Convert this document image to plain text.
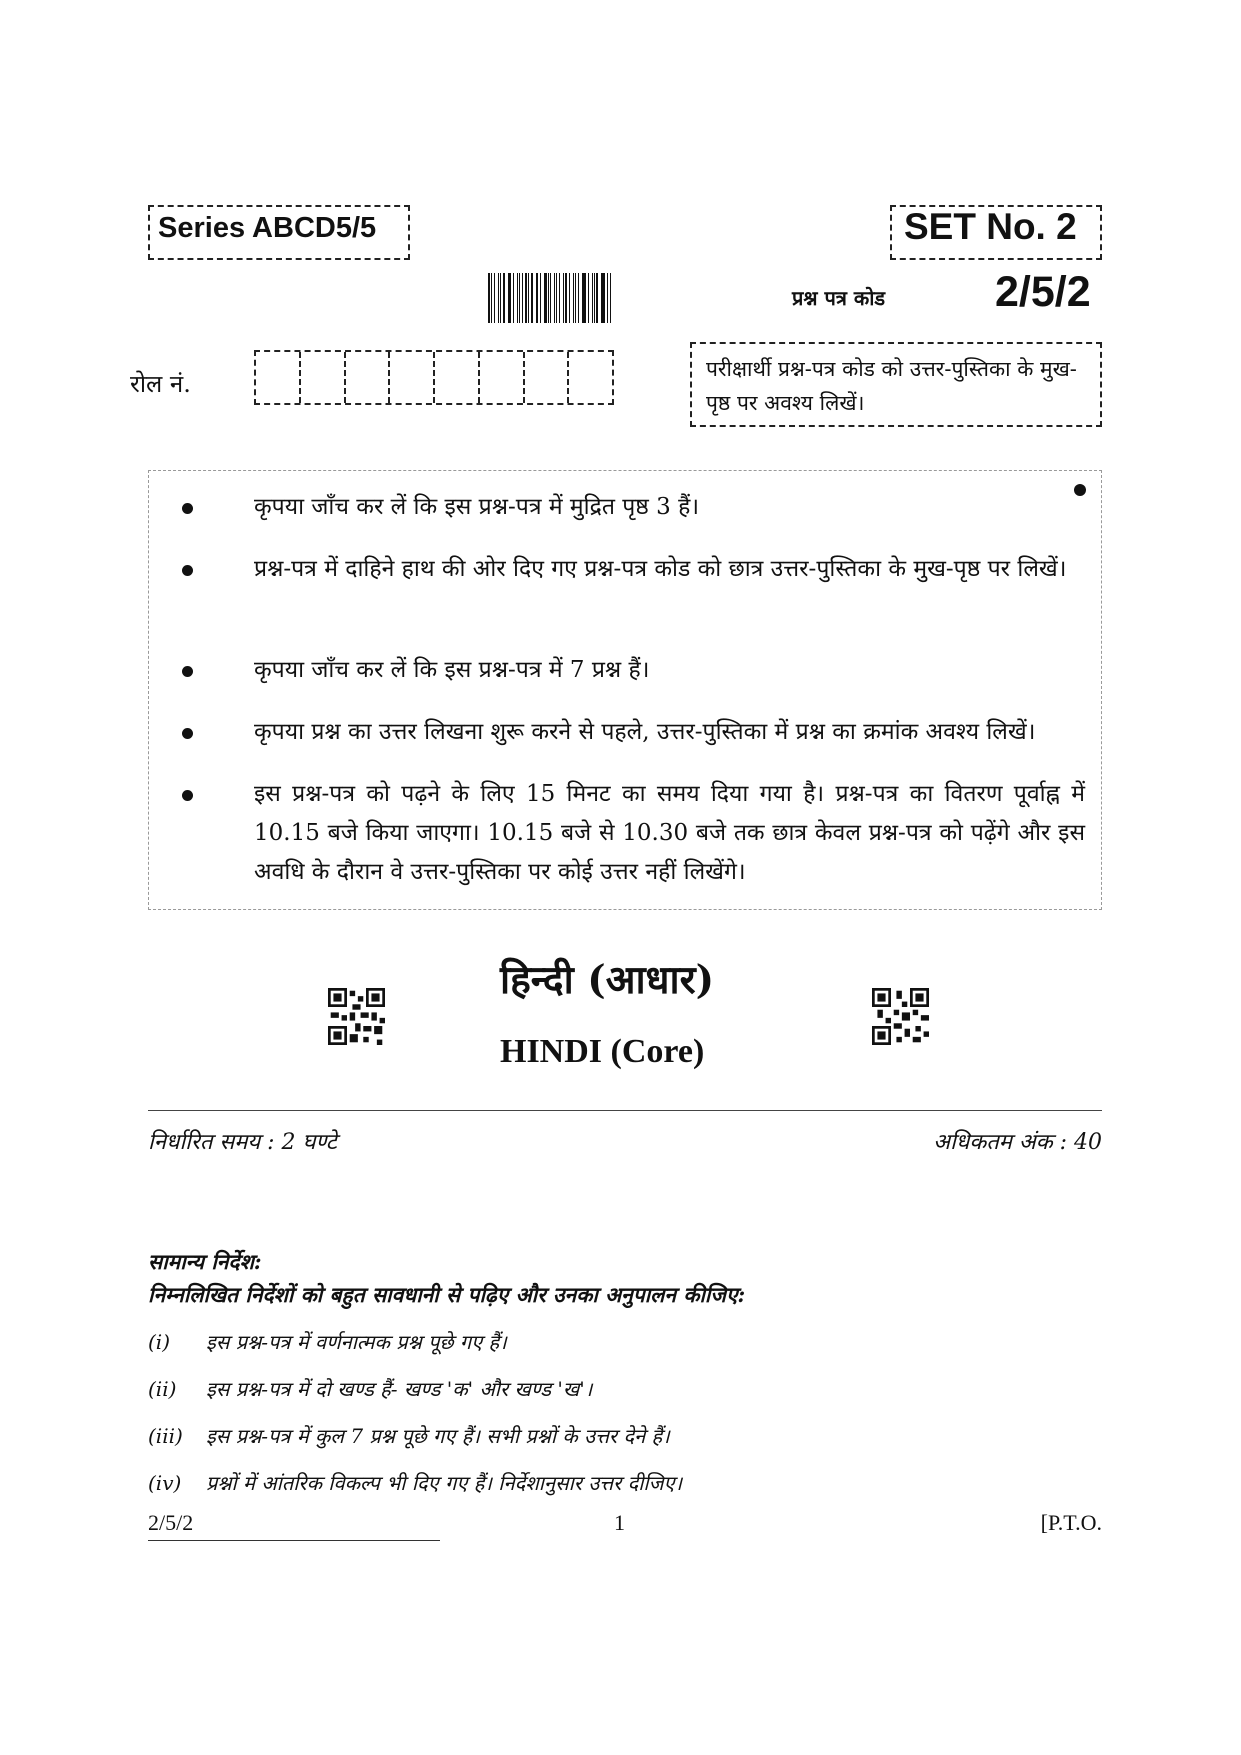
Series ABCD5/5	SET No. 2
प्रश्न पत्र कोड	2/5/2
रोल नं.
परीक्षार्थी प्रश्न-पत्र कोड को उत्तर-पुस्तिका के मुख-पृष्ठ पर अवश्य लिखें।
कृपया जाँच कर लें कि इस प्रश्न-पत्र में मुद्रित पृष्ठ 3 हैं।
प्रश्न-पत्र में दाहिने हाथ की ओर दिए गए प्रश्न-पत्र कोड को छात्र उत्तर-पुस्तिका के मुख-पृष्ठ पर लिखें।
कृपया जाँच कर लें कि इस प्रश्न-पत्र में 7 प्रश्न हैं।
कृपया प्रश्न का उत्तर लिखना शुरू करने से पहले, उत्तर-पुस्तिका में प्रश्न का क्रमांक अवश्य लिखें।
इस प्रश्न-पत्र को पढ़ने के लिए 15 मिनट का समय दिया गया है। प्रश्न-पत्र का वितरण पूर्वाह्न में 10.15 बजे किया जाएगा। 10.15 बजे से 10.30 बजे तक छात्र केवल प्रश्न-पत्र को पढ़ेंगे और इस अवधि के दौरान वे उत्तर-पुस्तिका पर कोई उत्तर नहीं लिखेंगे।
हिन्दी (आधार)
HINDI (Core)
निर्धारित समय : 2 घण्टे	अधिकतम अंक : 40
सामान्य निर्देश:
निम्नलिखित निर्देशों को बहुत सावधानी से पढ़िए और उनका अनुपालन कीजिए:
(i) इस प्रश्न-पत्र में वर्णनात्मक प्रश्न पूछे गए हैं।
(ii) इस प्रश्न-पत्र में दो खण्ड हैं- खण्ड 'क' और खण्ड 'ख'।
(iii) इस प्रश्न-पत्र में कुल 7 प्रश्न पूछे गए हैं। सभी प्रश्नों के उत्तर देने हैं।
(iv) प्रश्नों में आंतरिक विकल्प भी दिए गए हैं। निर्देशानुसार उत्तर दीजिए।
2/5/2	1	[P.T.O.
